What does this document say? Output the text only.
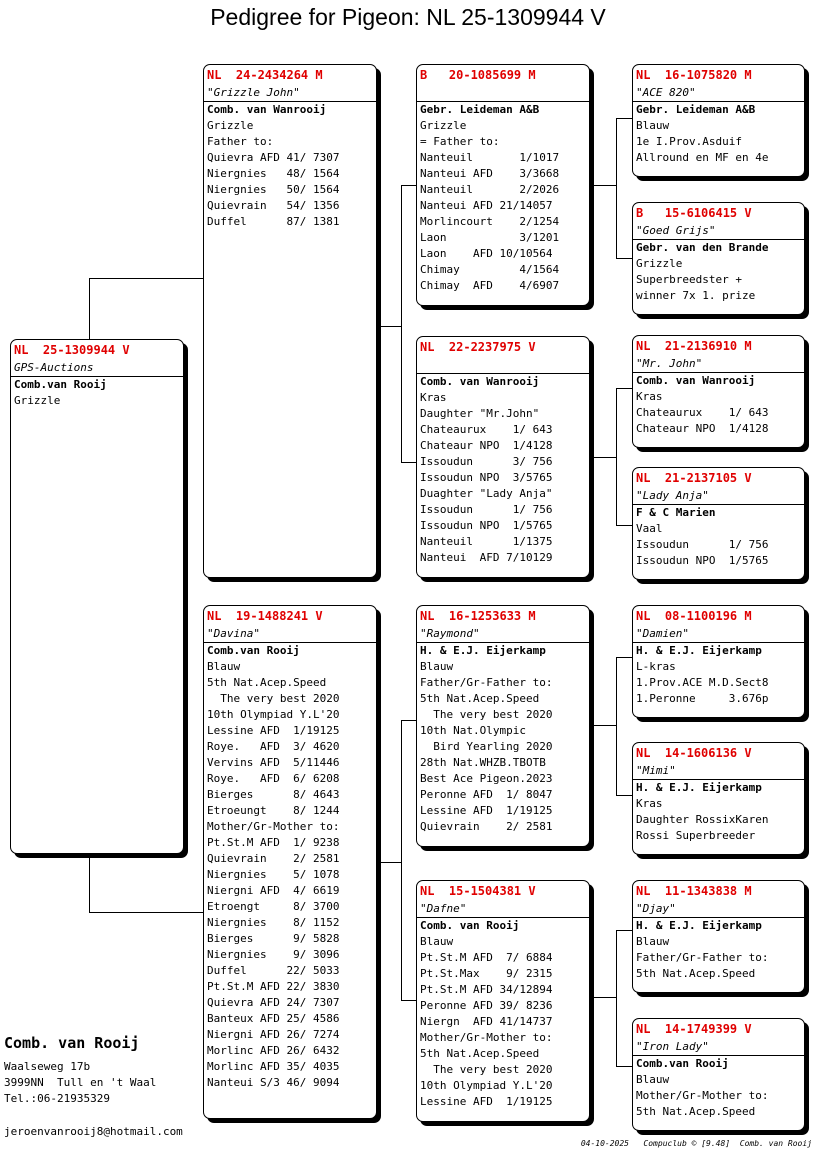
Pedigree for Pigeon: NL 25-1309944 V
NL  25-1309944 V
GPS-Auctions
Comb.van Rooij
Grizzle
NL  24-2434264 M
"Grizzle John"
Comb. van Wanrooij
Grizzle
Father to:
Quievra AFD 41/ 7307
Niergnies   48/ 1564
Niergnies   50/ 1564
Quievrain   54/ 1356
Duffel      87/ 1381
NL  19-1488241 V
"Davina"
Comb.van Rooij
Blauw
5th Nat.Acep.Speed
The very best 2020
10th Olympiad Y.L'20
Lessine AFD  1/19125
Roye.   AFD  3/ 4620
Vervins AFD  5/11446
Roye.   AFD  6/ 6208
Bierges      8/ 4643
Etroeungt    8/ 1244
Mother/Gr-Mother to:
Pt.St.M AFD  1/ 9238
Quievrain    2/ 2581
Niergnies    5/ 1078
Niergni AFD  4/ 6619
Etroengt     8/ 3700
Niergnies    8/ 1152
Bierges      9/ 5828
Niergnies    9/ 3096
Duffel      22/ 5033
Pt.St.M AFD 22/ 3830
Quievra AFD 24/ 7307
Banteux AFD 25/ 4586
Niergni AFD 26/ 7274
Morlinc AFD 26/ 6432
Morlinc AFD 35/ 4035
Nanteui S/3 46/ 9094
B   20-1085699 M
Gebr. Leideman A&B
Grizzle
= Father to:
Nanteuil       1/1017
Nanteui AFD    3/3668
Nanteuil       2/2026
Nanteui AFD 21/14057
Morlincourt    2/1254
Laon           3/1201
Laon    AFD 10/10564
Chimay         4/1564
Chimay  AFD    4/6907
NL  22-2237975 V
Comb. van Wanrooij
Kras
Daughter "Mr.John"
Chateaurux    1/ 643
Chateaur NPO  1/4128
Issoudun      3/ 756
Issoudun NPO  3/5765
Duaghter "Lady Anja"
Issoudun      1/ 756
Issoudun NPO  1/5765
Nanteuil      1/1375
Nanteui  AFD 7/10129
NL  16-1253633 M
"Raymond"
H. & E.J. Eijerkamp
Blauw
Father/Gr-Father to:
5th Nat.Acep.Speed
The very best 2020
10th Nat.Olympic
Bird Yearling 2020
28th Nat.WHZB.TBOTB
Best Ace Pigeon.2023
Peronne AFD  1/ 8047
Lessine AFD  1/19125
Quievrain    2/ 2581
NL  15-1504381 V
"Dafne"
Comb. van Rooij
Blauw
Pt.St.M AFD  7/ 6884
Pt.St.Max    9/ 2315
Pt.St.M AFD 34/12894
Peronne AFD 39/ 8236
Niergn  AFD 41/14737
Mother/Gr-Mother to:
5th Nat.Acep.Speed
The very best 2020
10th Olympiad Y.L'20
Lessine AFD  1/19125
NL  16-1075820 M
"ACE 820"
Gebr. Leideman A&B
Blauw
1e I.Prov.Asduif
Allround en MF en 4e
B   15-6106415 V
"Goed Grijs"
Gebr. van den Brande
Grizzle
Superbreedster +
winner 7x 1. prize
NL  21-2136910 M
"Mr. John"
Comb. van Wanrooij
Kras
Chateaurux    1/ 643
Chateaur NPO  1/4128
NL  21-2137105 V
"Lady Anja"
F & C Marien
Vaal
Issoudun      1/ 756
Issoudun NPO  1/5765
NL  08-1100196 M
"Damien"
H. & E.J. Eijerkamp
L-kras
1.Prov.ACE M.D.Sect8
1.Peronne     3.676p
NL  14-1606136 V
"Mimi"
H. & E.J. Eijerkamp
Kras
Daughter RossixKaren
Rossi Superbreeder
NL  11-1343838 M
"Djay"
H. & E.J. Eijerkamp
Blauw
Father/Gr-Father to:
5th Nat.Acep.Speed
NL  14-1749399 V
"Iron Lady"
Comb.van Rooij
Blauw
Mother/Gr-Mother to:
5th Nat.Acep.Speed
Comb. van Rooij
Waalseweg 17b
3999NN  Tull en 't Waal
Tel.:06-21935329
jeroenvanrooij8@hotmail.com
04-10-2025   Compuclub © [9.48]  Comb. van Rooij
